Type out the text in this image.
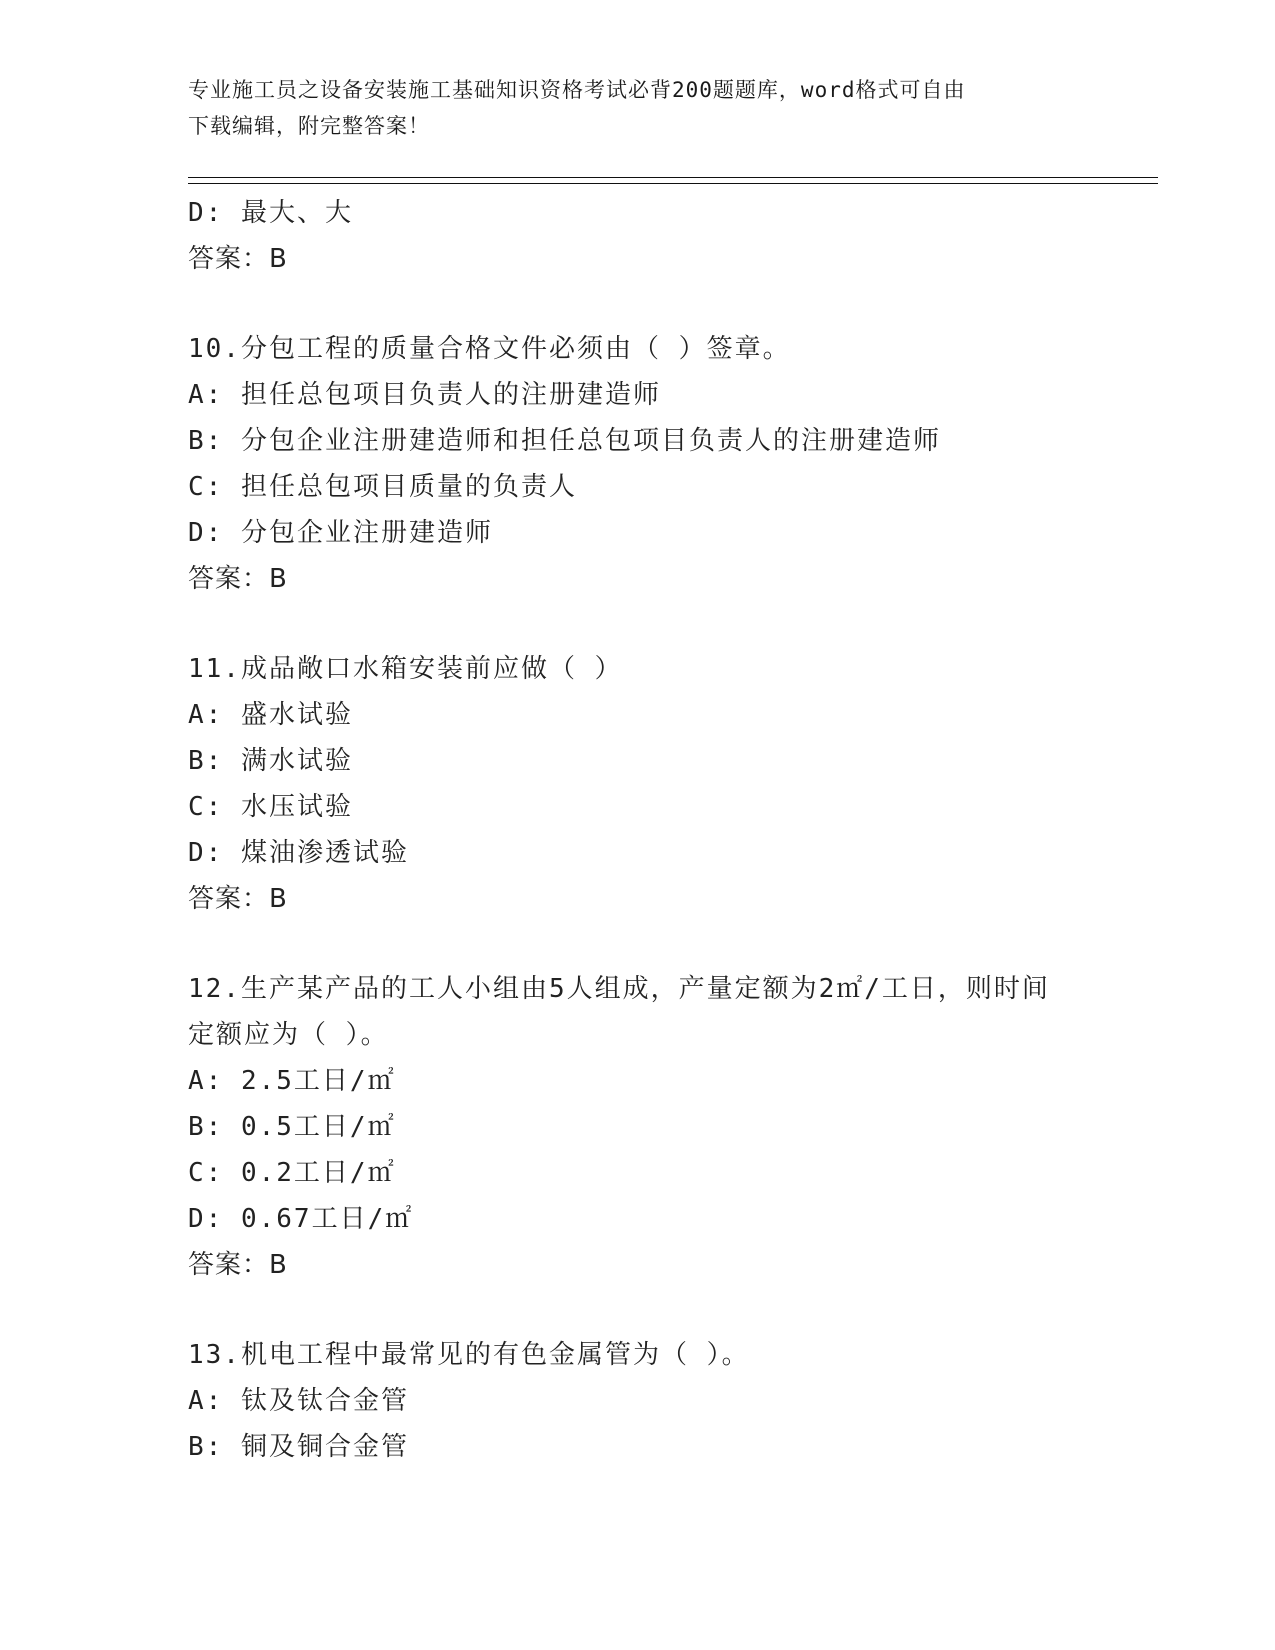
专业施工员之设备安装施工基础知识资格考试必背200题题库，word格式可自由
下载编辑，附完整答案！
D: 最大、大
答案：B
10.分包工程的质量合格文件必须由（ ）签章。
A: 担任总包项目负责人的注册建造师
B: 分包企业注册建造师和担任总包项目负责人的注册建造师
C: 担任总包项目质量的负责人
D: 分包企业注册建造师
答案：B
11.成品敞口水箱安装前应做（ ）
A: 盛水试验
B: 满水试验
C: 水压试验
D: 煤油渗透试验
答案：B
12.生产某产品的工人小组由5人组成，产量定额为2㎡/工日，则时间
定额应为（ ）。
A: 2.5工日/㎡
B: 0.5工日/㎡
C: 0.2工日/㎡
D: 0.67工日/㎡
答案：B
13.机电工程中最常见的有色金属管为（ ）。
A: 钛及钛合金管
B: 铜及铜合金管
